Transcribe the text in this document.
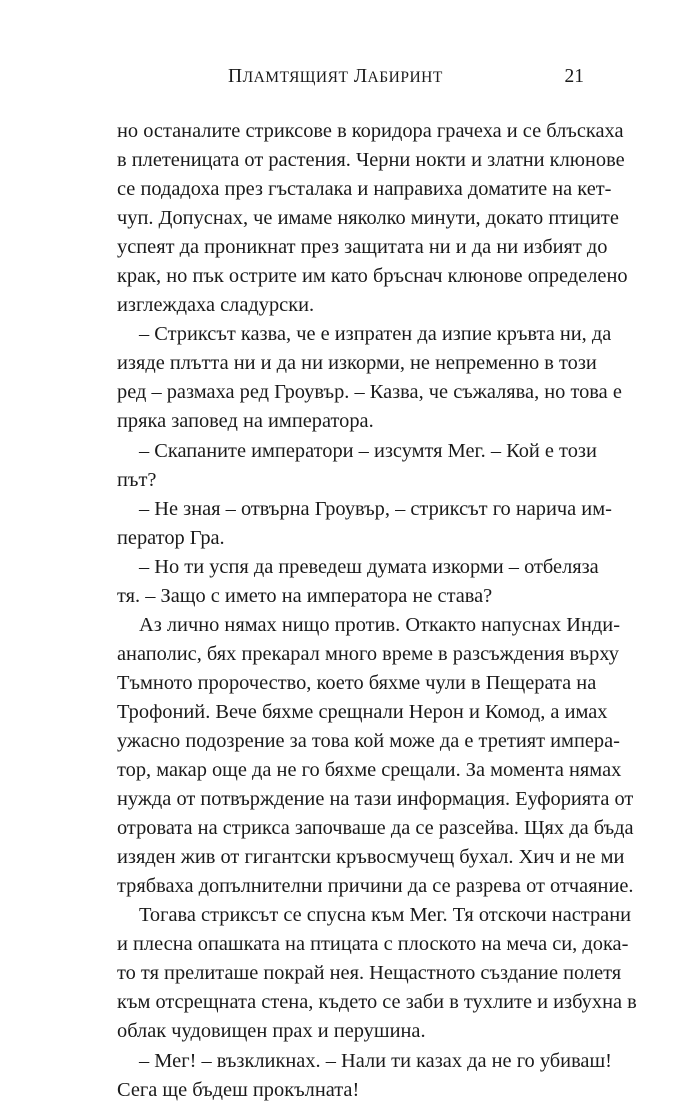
ПЛАМТЯЩИЯТ ЛАБИРИНТ	21
но останалите стриксове в коридора грачеха и се блъскаха
в плетеницата от растения. Черни нокти и златни клюнове
се подадоха през гъсталака и направиха доматите на кет-
чуп. Допуснах, че имаме няколко минути, докато птиците
успеят да проникнат през защитата ни и да ни избият до
крак, но пък острите им като бръснач клюнове определено
изглеждаха сладурски.
– Стриксът казва, че е изпратен да изпие кръвта ни, да
изяде плътта ни и да ни изкорми, не непременно в този
ред – размаха ред Гроувър. – Казва, че съжалява, но това е
пряка заповед на императора.
– Скапаните императори – изсумтя Мег. – Кой е този
път?
– Не зная – отвърна Гроувър, – стриксът го нарича им-
ператор Гра.
– Но ти успя да преведеш думата изкорми – отбеляза
тя. – Защо с името на императора не става?
Аз лично нямах нищо против. Откакто напуснах Инди-
анаполис, бях прекарал много време в разсъждения върху
Тъмното пророчество, което бяхме чули в Пещерата на
Трофоний. Вече бяхме срещнали Нерон и Комод, а имах
ужасно подозрение за това кой може да е третият импера-
тор, макар още да не го бяхме срещали. За момента нямах
нужда от потвърждение на тази информация. Еуфорията от
отровата на стрикса започваше да се разсейва. Щях да бъда
изяден жив от гигантски кръвосмучещ бухал. Хич и не ми
трябваха допълнителни причини да се разревa от отчаяние.
Тогава стриксът се спусна към Мег. Тя отскочи настрани
и плесна опашката на птицата с плоското на меча си, дока-
то тя прелиташе покрай нея. Нещастното създание полетя
към отсрещната стена, където се заби в тухлите и избухна в
облак чудовищен прах и перушина.
– Мег! – възкликнах. – Нали ти казах да не го убиваш!
Сега ще бъдеш прокълната!
